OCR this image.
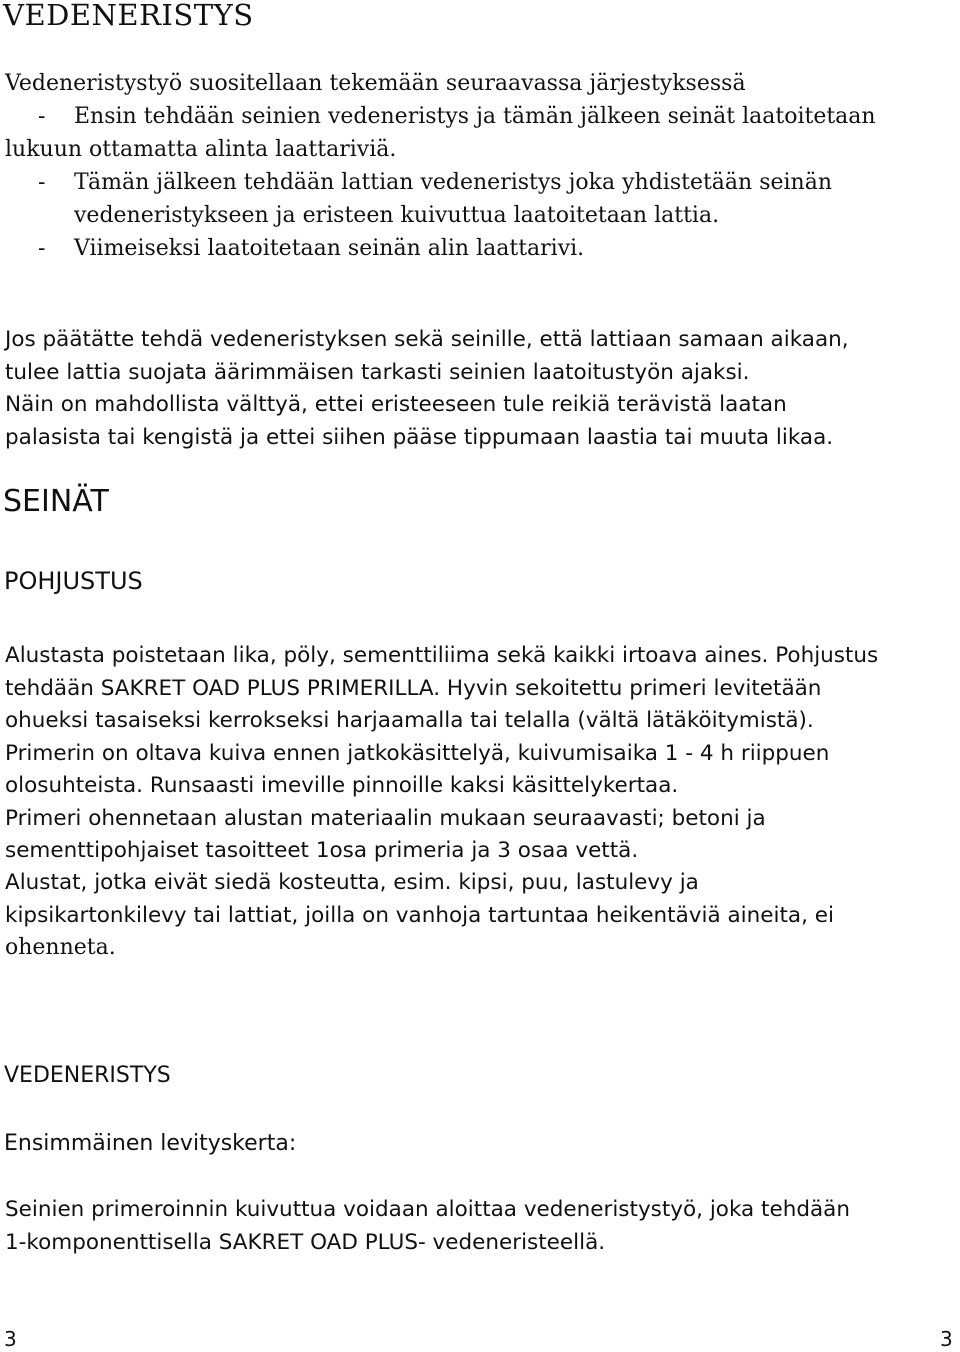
VEDENERISTYS
Vedeneristystyö suositellaan tekemään seuraavassa järjestyksessä
- Ensin tehdään seinien vedeneristys ja tämän jälkeen seinät laatoitetaan
lukuun ottamatta alinta laattariviä.
- Tämän jälkeen tehdään lattian vedeneristys joka yhdistetään seinän
vedeneristykseen ja eristeen kuivuttua laatoitetaan lattia.
- Viimeiseksi laatoitetaan seinän alin laattarivi.
Jos päätätte tehdä vedeneristyksen sekä seinille, että lattiaan samaan aikaan,
tulee lattia suojata äärimmäisen tarkasti seinien laatoitustyön ajaksi.
Näin on mahdollista välttyä, ettei eristeeseen tule reikiä terävistä laatan
palasista tai kengistä ja ettei siihen pääse tippumaan laastia tai muuta likaa.
SEINÄT
POHJUSTUS
Alustasta poistetaan lika, pöly, sementtiliima sekä kaikki irtoava aines. Pohjustus
tehdään SAKRET OAD PLUS PRIMERILLA. Hyvin sekoitettu primeri levitetään
ohueksi tasaiseksi kerrokseksi harjaamalla tai telalla (vältä lätäköitymistä).
Primerin on oltava kuiva ennen jatkokäsittelyä, kuivumisaika 1 - 4 h riippuen
olosuhteista. Runsaasti imeville pinnoille kaksi käsittelykertaa.
Primeri ohennetaan alustan materiaalin mukaan seuraavasti; betoni ja
sementtipohjaiset tasoitteet 1osa primeria ja 3 osaa vettä.
Alustat, jotka eivät siedä kosteutta, esim. kipsi, puu, lastulevy ja
kipsikartonkilevy tai lattiat, joilla on vanhoja tartuntaa heikentäviä aineita, ei
ohenneta.
VEDENERISTYS
Ensimmäinen levityskerta:
Seinien primeroinnin kuivuttua voidaan aloittaa vedeneristystyö, joka tehdään
1-komponenttisella SAKRET OAD PLUS- vedeneristeellä.
3	3
